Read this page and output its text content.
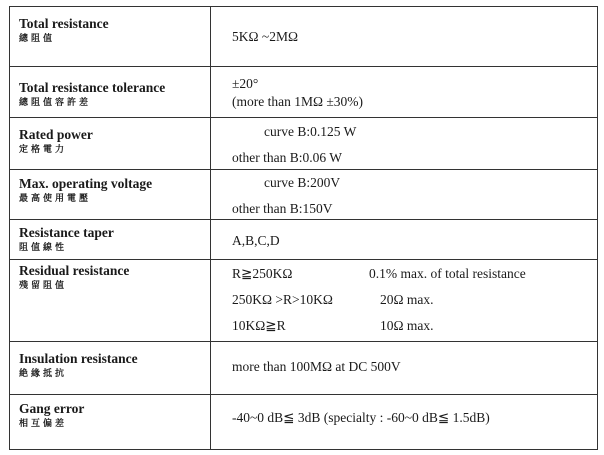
Total resistance
總阻值	5KΩ ~2MΩ

Total resistance tolerance
總阻值容許差	±20°
(more than 1MΩ ±30%)

Rated power
定格電力	curve B:0.125 W
other than B:0.06 W

Max. operating voltage
最高使用電壓	curve B:200V
other than B:150V

Resistance taper
阻值線性	A,B,C,D

Residual resistance
殘留阻值	R≧250KΩ 0.1% max. of total resistance
250KΩ >R>10KΩ 20Ω max.
10KΩ≧R 10Ω max.

Insulation resistance
絶緣抵抗	more than 100MΩ at DC 500V

Gang error
相互偏差	-40~0 dB≦ 3dB (specialty : -60~0 dB≦ 1.5dB)
